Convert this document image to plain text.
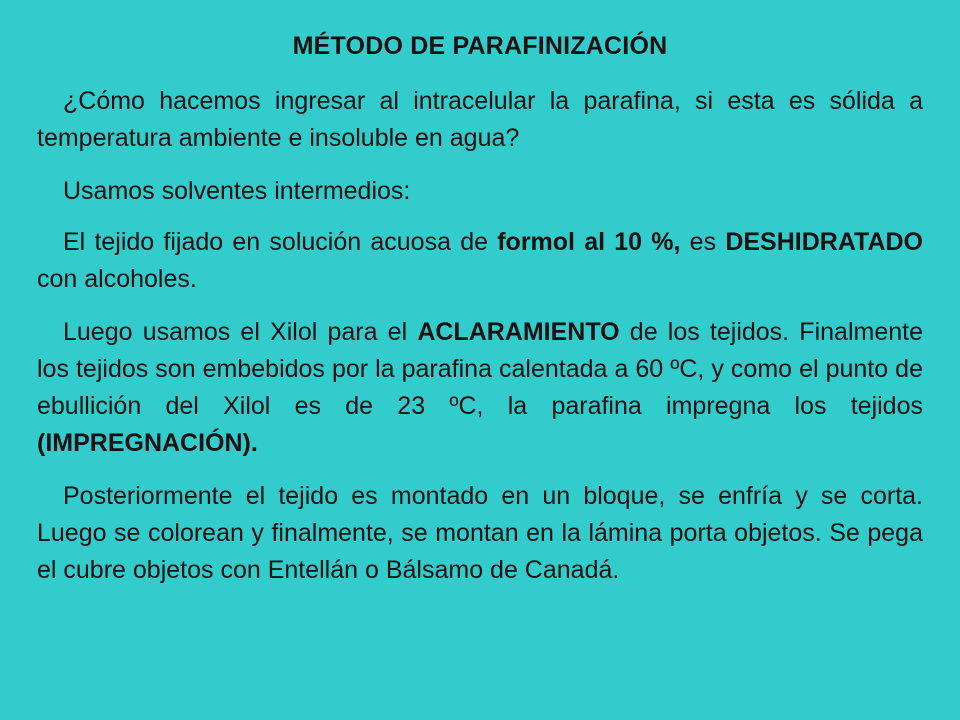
MÉTODO DE PARAFINIZACIÓN

¿Cómo hacemos ingresar al intracelular la parafina, si esta es sólida a temperatura ambiente e insoluble en agua?

Usamos solventes intermedios:

El tejido fijado en solución acuosa de formol al 10 %, es DESHIDRATADO con alcoholes.

Luego usamos el Xilol para el ACLARAMIENTO de los tejidos. Finalmente los tejidos son embebidos por la parafina calentada a 60 ºC, y como el punto de ebullición del Xilol es de 23 ºC, la parafina impregna los tejidos (IMPREGNACIÓN).

Posteriormente el tejido es montado en un bloque, se enfría y se corta. Luego se colorean y finalmente, se montan en la lámina porta objetos. Se pega el cubre objetos con Entellán o Bálsamo de Canadá.
